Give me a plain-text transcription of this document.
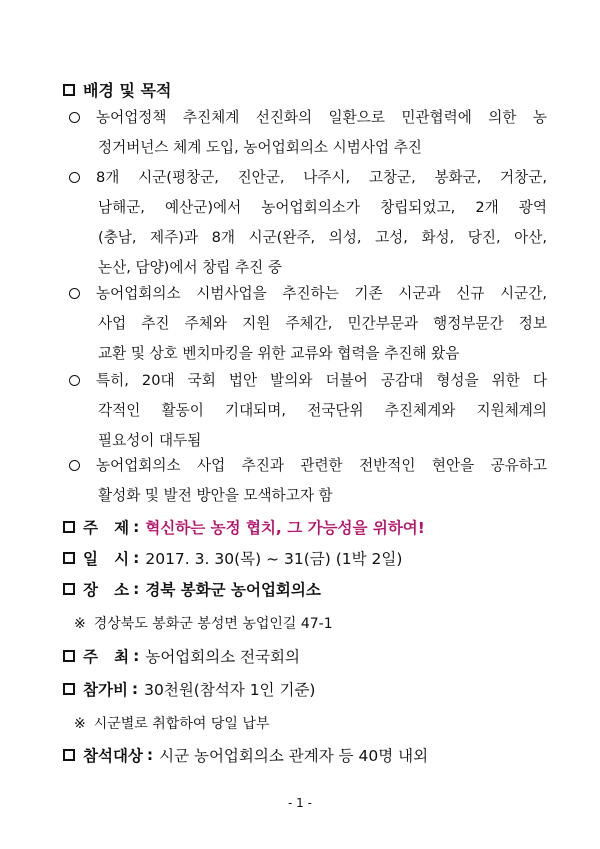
배경 및 목적
농어업정책 추진체계 선진화의 일환으로 민관협력에 의한 농
정거버넌스 체계 도입, 농어업회의소 시범사업 추진
8개 시군(평창군, 진안군, 나주시, 고창군, 봉화군, 거창군,
남해군, 예산군)에서 농어업회의소가 창립되었고, 2개 광역
(충남, 제주)과 8개 시군(완주, 의성, 고성, 화성, 당진, 아산,
논산, 담양)에서 창립 추진 중
농어업회의소 시범사업을 추진하는 기존 시군과 신규 시군간,
사업 추진 주체와 지원 주체간, 민간부문과 행정부문간 정보
교환 및 상호 벤치마킹을 위한 교류와 협력을 추진해 왔음
특히, 20대 국회 법안 발의와 더불어 공감대 형성을 위한 다
각적인 활동이 기대되며, 전국단위 추진체계와 지원체계의
필요성이 대두됨
농어업회의소 사업 추진과 관련한 전반적인 현안을 공유하고
활성화 및 발전 방안을 모색하고자 함
주   제 : 혁신하는 농정 협치, 그 가능성을 위하여!
일   시 : 2017. 3. 30(목) ~ 31(금) (1박 2일)
장   소 : 경북 봉화군 농어업회의소
※ 경상북도 봉화군 봉성면 농업인길 47-1
주   최 : 농어업회의소 전국회의
참가비 : 30천원(참석자 1인 기준)
※ 시군별로 취합하여 당일 납부
참석대상 : 시군 농어업회의소 관계자 등 40명 내외
- 1 -
